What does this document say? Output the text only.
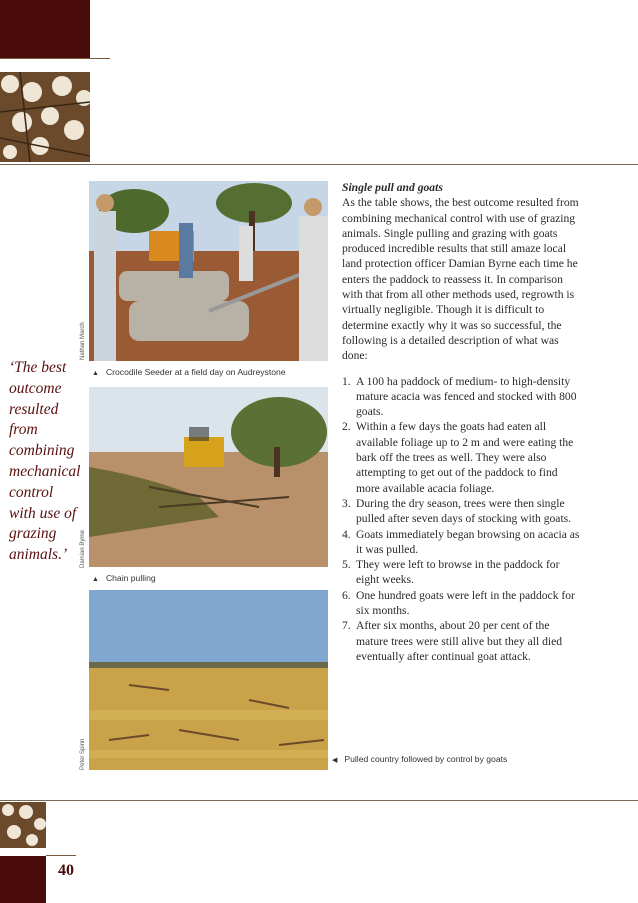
40
‘The best outcome resulted from combining mechanical control with use of grazing animals.’
Nathan March
▲ Crocodile Seeder at a field day on Audreystone
Damian Byrne
▲ Chain pulling
Peter Spinn	◀ Pulled country followed by control by goats

Single pull and goats

As the table shows, the best outcome resulted from combining mechanical control with use of grazing animals. Single pulling and grazing with goats produced incredible results that still amaze local land protection officer Damian Byrne each time he enters the paddock to reassess it. In comparison with that from all other methods used, regrowth is virtually negligible. Though it is difficult to determine exactly why it was so successful, the following is a detailed description of what was done:

1. A 100 ha paddock of medium- to high-density mature acacia was fenced and stocked with 800 goats.
2. Within a few days the goats had eaten all available foliage up to 2 m and were eating the bark off the trees as well. They were also attempting to get out of the paddock to find more available acacia foliage.
3. During the dry season, trees were then single pulled after seven days of stocking with goats.
4. Goats immediately began browsing on acacia as it was pulled.
5. They were left to browse in the paddock for eight weeks.
6. One hundred goats were left in the paddock for six months.
7. After six months, about 20 per cent of the mature trees were still alive but they all died eventually after continual goat attack.
